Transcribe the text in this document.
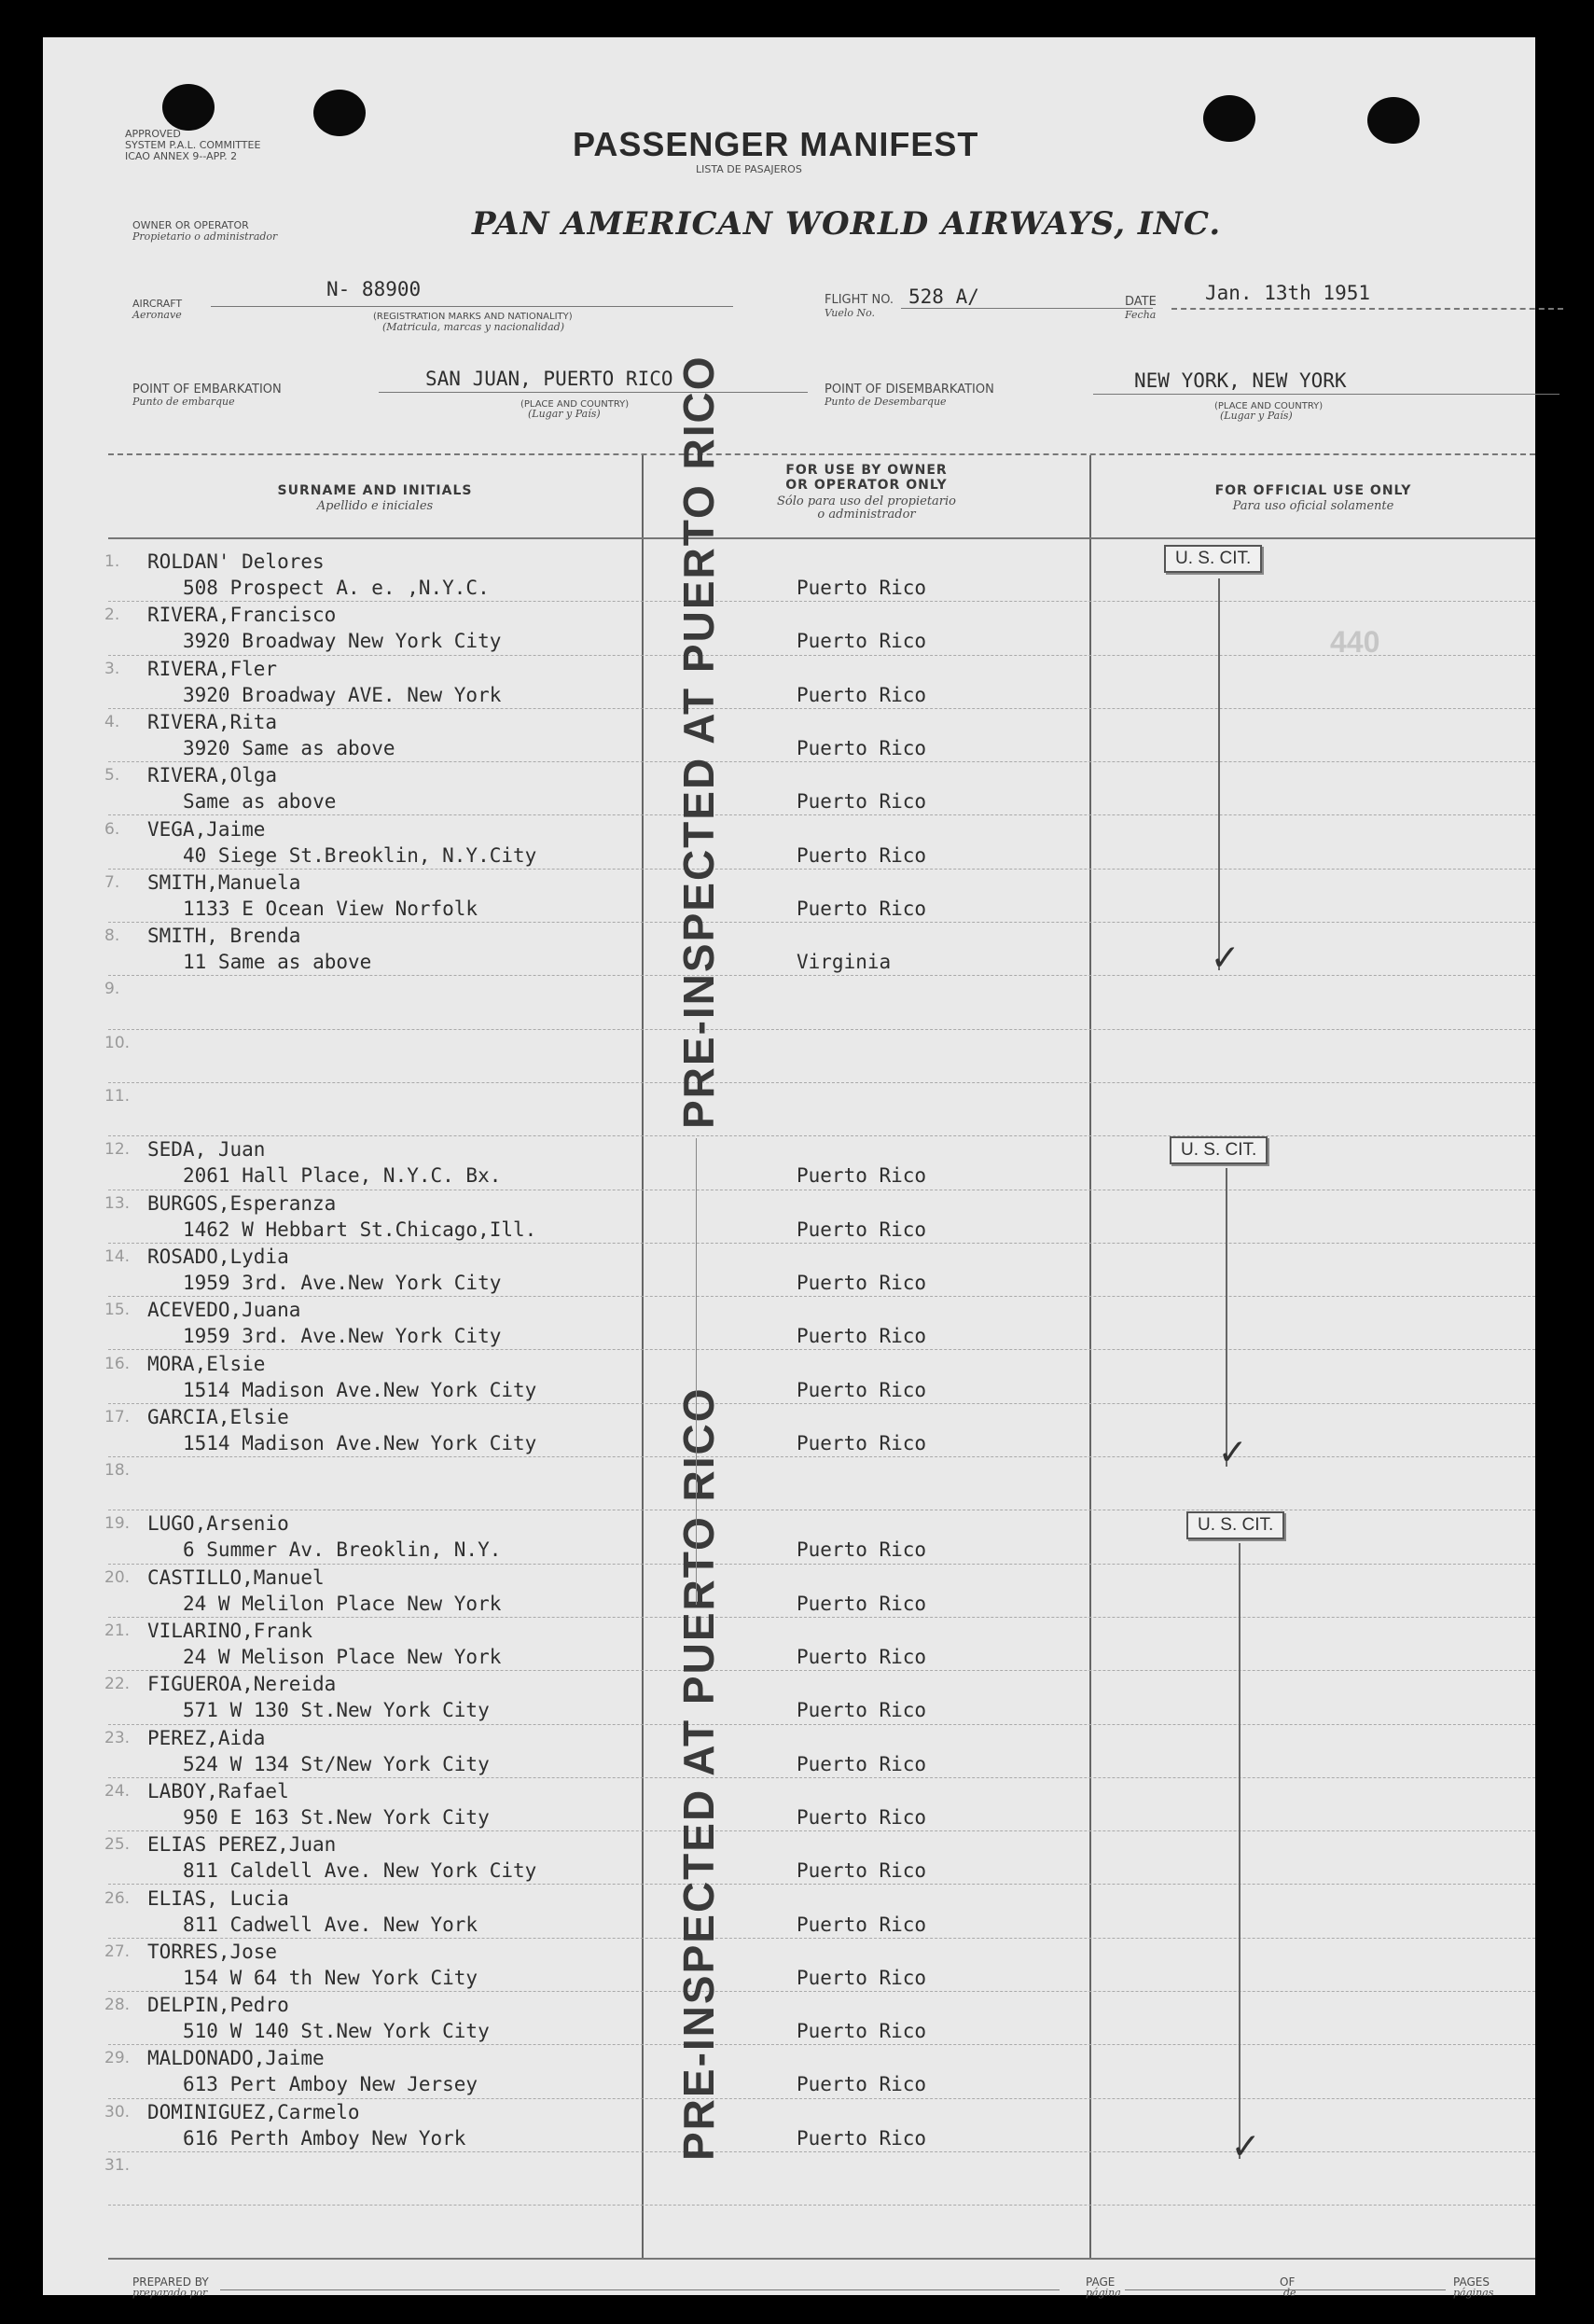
APPROVED
SYSTEM P.A.L. COMMITTEE
ICAO ANNEX 9--APP. 2	PASSENGER MANIFEST
LISTA DE PASAJEROS
OWNER OR OPERATOR
Propietario o administrador	PAN AMERICAN WORLD AIRWAYS, INC.
AIRCRAFT
Aeronave
N- 88900
(REGISTRATION MARKS AND NATIONALITY)
(Matricula, marcas y nacionalidad)
FLIGHT NO.
Vuelo No.
528 A/	DATE
Fecha
Jan. 13th 1951
POINT OF EMBARKATION
Punto de embarque
SAN JUAN, PUERTO RICO
(PLACE AND COUNTRY)
(Lugar y País)
POINT OF DISEMBARKATION
Punto de Desembarque
NEW YORK, NEW YORK
(PLACE AND COUNTRY)
(Lugar y País)
SURNAME AND INITIALS
Apellido e iniciales
FOR USE BY OWNER
OR OPERATOR ONLY
Sólo para uso del propietario
o administrador
FOR OFFICIAL USE ONLY
Para uso oficial solamente
1. ROLDAN' Delores
508 Prospect A. e. ,N.Y.C.	Puerto Rico
2. RIVERA,Francisco
3920 Broadway New York City	Puerto Rico
3. RIVERA,Fler
3920 Broadway AVE. New York	Puerto Rico
4. RIVERA,Rita
3920 Same as above	Puerto Rico
5. RIVERA,Olga
Same as above	Puerto Rico
6. VEGA,Jaime
40 Siege St.Breoklin, N.Y.City	Puerto Rico
7. SMITH,Manuela
1133 E Ocean View Norfolk	Puerto Rico
8. SMITH, Brenda
11 Same as above	Virginia
9.
10.
11.
12. SEDA, Juan
2061 Hall Place, N.Y.C. Bx.	Puerto Rico
13. BURGOS,Esperanza
1462 W Hebbart St.Chicago,Ill.	Puerto Rico
14. ROSADO,Lydia
1959 3rd. Ave.New York City	Puerto Rico
15. ACEVEDO,Juana
1959 3rd. Ave.New York City	Puerto Rico
16. MORA,Elsie
1514 Madison Ave.New York City	Puerto Rico
17. GARCIA,Elsie
1514 Madison Ave.New York City	Puerto Rico
18.
19. LUGO,Arsenio
6 Summer Av. Breoklin, N.Y.	Puerto Rico
20. CASTILLO,Manuel
24 W Melilon Place New York	Puerto Rico
21. VILARINO,Frank
24 W Melison Place New York	Puerto Rico
22. FIGUEROA,Nereida
571 W 130 St.New York City	Puerto Rico
23. PEREZ,Aida
524 W 134 St/New York City	Puerto Rico
24. LABOY,Rafael
950 E 163 St.New York City	Puerto Rico
25. ELIAS PEREZ,Juan
811 Caldell Ave. New York City	Puerto Rico
26. ELIAS, Lucia
811 Cadwell Ave. New York	Puerto Rico
27. TORRES,Jose
154 W 64 th New York City	Puerto Rico
28. DELPIN,Pedro
510 W 140 St.New York City	Puerto Rico
29. MALDONADO,Jaime
613 Pert Amboy New Jersey	Puerto Rico
30. DOMINIGUEZ,Carmelo
616 Perth Amboy New York	Puerto Rico
31.
440
U. S. CIT.
✓
U. S. CIT.
✓
U. S. CIT.
✓
PRE-INSPECTED AT PUERTO RICO
PRE-INSPECTED AT PUERTO RICO
PREPARED BY
preparado por
PAGE
página
OF
de
PAGES
páginas
